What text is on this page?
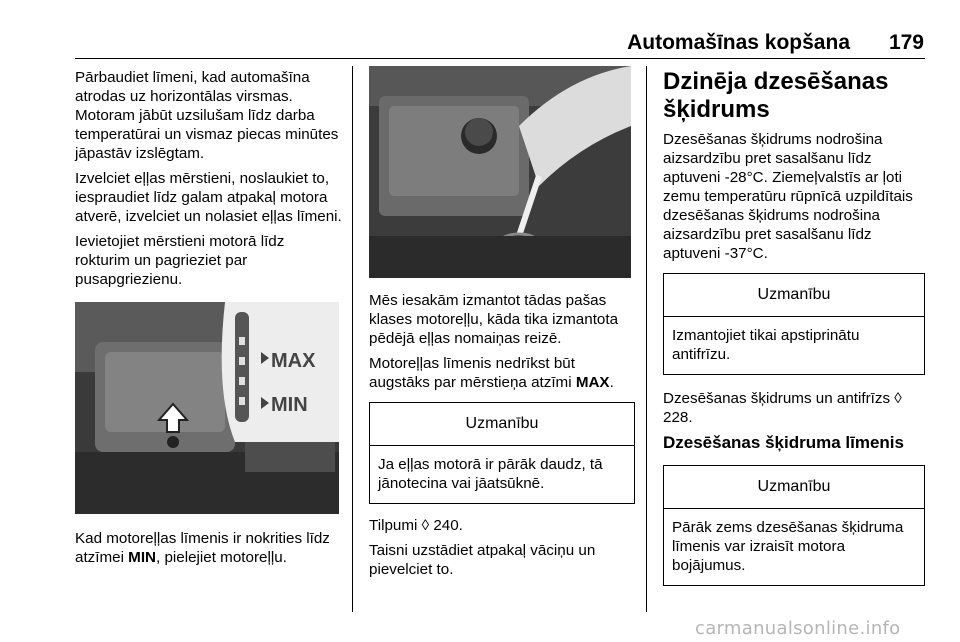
Automašīnas kopšana	179

Pārbaudiet līmeni, kad automašīna atrodas uz horizontālas virsmas. Motoram jābūt uzsilušam līdz darba temperatūrai un vismaz piecas minūtes jāpastāv izslēgtam.

Izvelciet eļļas mērstieni, noslaukiet to, iespraudiet līdz galam atpakaļ motora atverē, izvelciet un nolasiet eļļas līmeni.

Ievietojiet mērstieni motorā līdz rokturim un pagrieziet par pusapgriezienu.

MAX
MIN

Kad motoreļļas līmenis ir nokrities līdz atzīmei MIN, pielejiet motoreļļu.

Mēs iesakām izmantot tādas pašas klases motoreļļu, kāda tika izmantota pēdējā eļļas nomaiņas reizē.

Motoreļļas līmenis nedrīkst būt augstāks par mērstieņa atzīmi MAX.

Uzmanību
Ja eļļas motorā ir pārāk daudz, tā jānotecina vai jāatsūknē.

Tilpumi ◊ 240.

Taisni uzstādiet atpakaļ vāciņu un pievelciet to.

Dzinēja dzesēšanas šķidrums

Dzesēšanas šķidrums nodrošina aizsardzību pret sasalšanu līdz aptuveni -28°C. Ziemeļvalstīs ar ļoti zemu temperatūru rūpnīcā uzpildītais dzesēšanas šķidrums nodrošina aizsardzību pret sasalšanu līdz aptuveni -37°C.

Uzmanību
Izmantojiet tikai apstiprinātu antifrīzu.

Dzesēšanas šķidrums un antifrīzs ◊ 228.

Dzesēšanas šķidruma līmenis
Uzmanību
Pārāk zems dzesēšanas šķidruma līmenis var izraisīt motora bojājumus.
carmanualsonline.info
